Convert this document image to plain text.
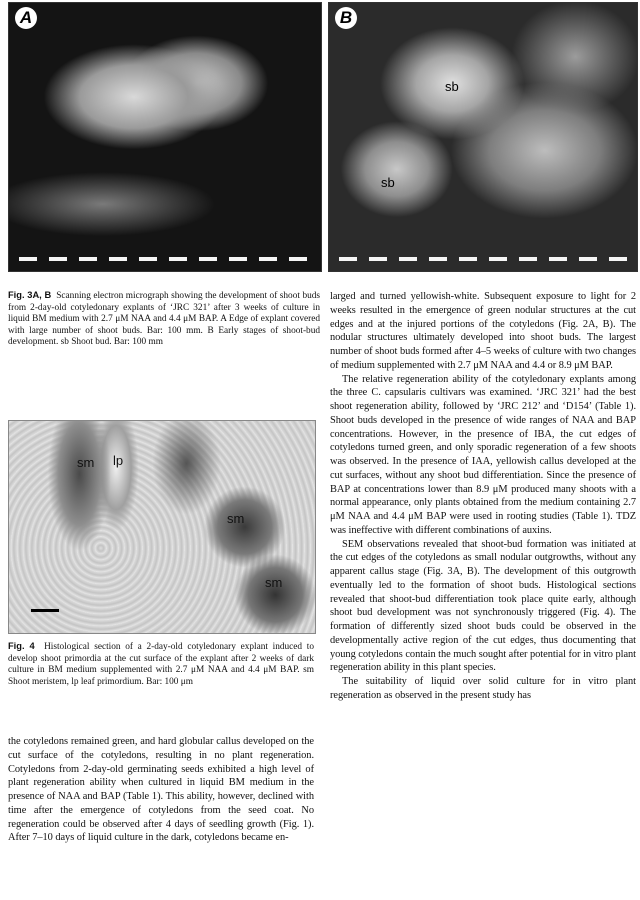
A	B
sb
sb

Fig. 3A, B Scanning electron micrograph showing the development of shoot buds from 2-day-old cotyledonary explants of ‘JRC 321’ after 3 weeks of culture in liquid BM medium with 2.7 μM NAA and 4.4 μM BAP. A Edge of explant covered with large number of shoot buds. Bar: 100 mm. B Early stages of shoot-bud development. sb Shoot bud. Bar: 100 mm

sm lp
sm
sm

Fig. 4 Histological section of a 2-day-old cotyledonary explant induced to develop shoot primordia at the cut surface of the explant after 2 weeks of dark culture in BM medium supplemented with 2.7 μM NAA and 4.4 μM BAP. sm Shoot meristem, lp leaf primordium. Bar: 100 μm

the cotyledons remained green, and hard globular callus developed on the cut surface of the cotyledons, resulting in no plant regeneration. Cotyledons from 2-day-old germinating seeds exhibited a high level of plant regeneration ability when cultured in liquid BM medium in the presence of NAA and BAP (Table 1). This ability, however, declined with time after the emergence of cotyledons from the seed coat. No regeneration could be observed after 4 days of seedling growth (Fig. 1). After 7–10 days of liquid culture in the dark, cotyledons became en-

larged and turned yellowish-white. Subsequent exposure to light for 2 weeks resulted in the emergence of green nodular structures at the cut edges and at the injured portions of the cotyledons (Fig. 2A, B). The nodular structures ultimately developed into shoot buds. The largest number of shoot buds formed after 4–5 weeks of culture with two changes of medium supplemented with 2.7 μM NAA and 4.4 or 8.9 μM BAP.

The relative regeneration ability of the cotyledonary explants among the three C. capsularis cultivars was examined. ‘JRC 321’ had the best shoot regeneration ability, followed by ‘JRC 212’ and ‘D154’ (Table 1). Shoot buds developed in the presence of wide ranges of NAA and BAP concentrations. However, in the presence of IBA, the cut edges of cotyledons turned green, and only sporadic regeneration of a few shoots was observed. In the presence of IAA, yellowish callus developed at the cut surfaces, without any shoot bud differentiation. Since the presence of BAP at concentrations lower than 8.9 μM produced many shoots with a normal appearance, only plants obtained from the medium containing 2.7 μM NAA and 4.4 μM BAP were used in rooting studies (Table 1). TDZ was ineffective with different combinations of auxins.

SEM observations revealed that shoot-bud formation was initiated at the cut edges of the cotyledons as small nodular outgrowths, without any apparent callus stage (Fig. 3A, B). The development of this outgrowth eventually led to the formation of shoot buds. Histological sections revealed that shoot-bud differentiation took place quite early, although shoot bud development was not synchronously triggered (Fig. 4). The formation of differently sized shoot buds could be observed in the developmentally active region of the cut edges, thus documenting that young cotyledons contain the much sought after potential for in vitro plant regeneration ability in this plant species.

The suitability of liquid over solid culture for in vitro plant regeneration as observed in the present study has
